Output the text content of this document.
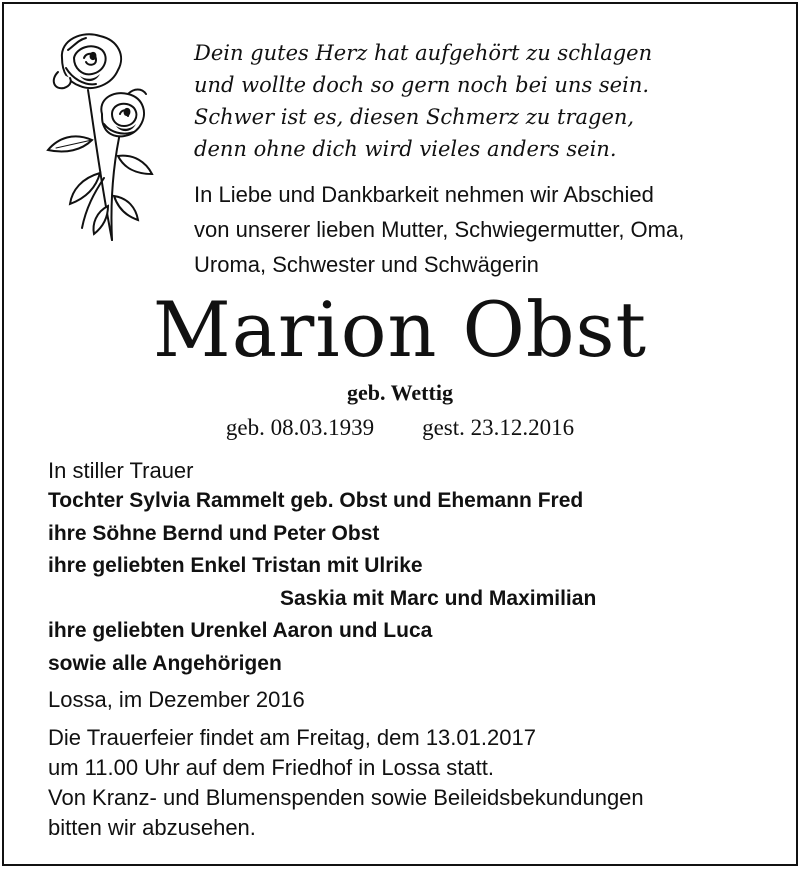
Dein gutes Herz hat aufgehört zu schlagen
und wollte doch so gern noch bei uns sein.
Schwer ist es, diesen Schmerz zu tragen,
denn ohne dich wird vieles anders sein.
In Liebe und Dankbarkeit nehmen wir Abschied
von unserer lieben Mutter, Schwiegermutter, Oma,
Uroma, Schwester und Schwägerin
Marion Obst
geb. Wettig
geb. 08.03.1939 gest. 23.12.2016
In stiller Trauer
Tochter Sylvia Rammelt geb. Obst und Ehemann Fred
ihre Söhne Bernd und Peter Obst
ihre geliebten Enkel Tristan mit Ulrike
Saskia mit Marc und Maximilian
ihre geliebten Urenkel Aaron und Luca
sowie alle Angehörigen
Lossa, im Dezember 2016
Die Trauerfeier findet am Freitag, dem 13.01.2017
um 11.00 Uhr auf dem Friedhof in Lossa statt.
Von Kranz- und Blumenspenden sowie Beileidsbekundungen
bitten wir abzusehen.
